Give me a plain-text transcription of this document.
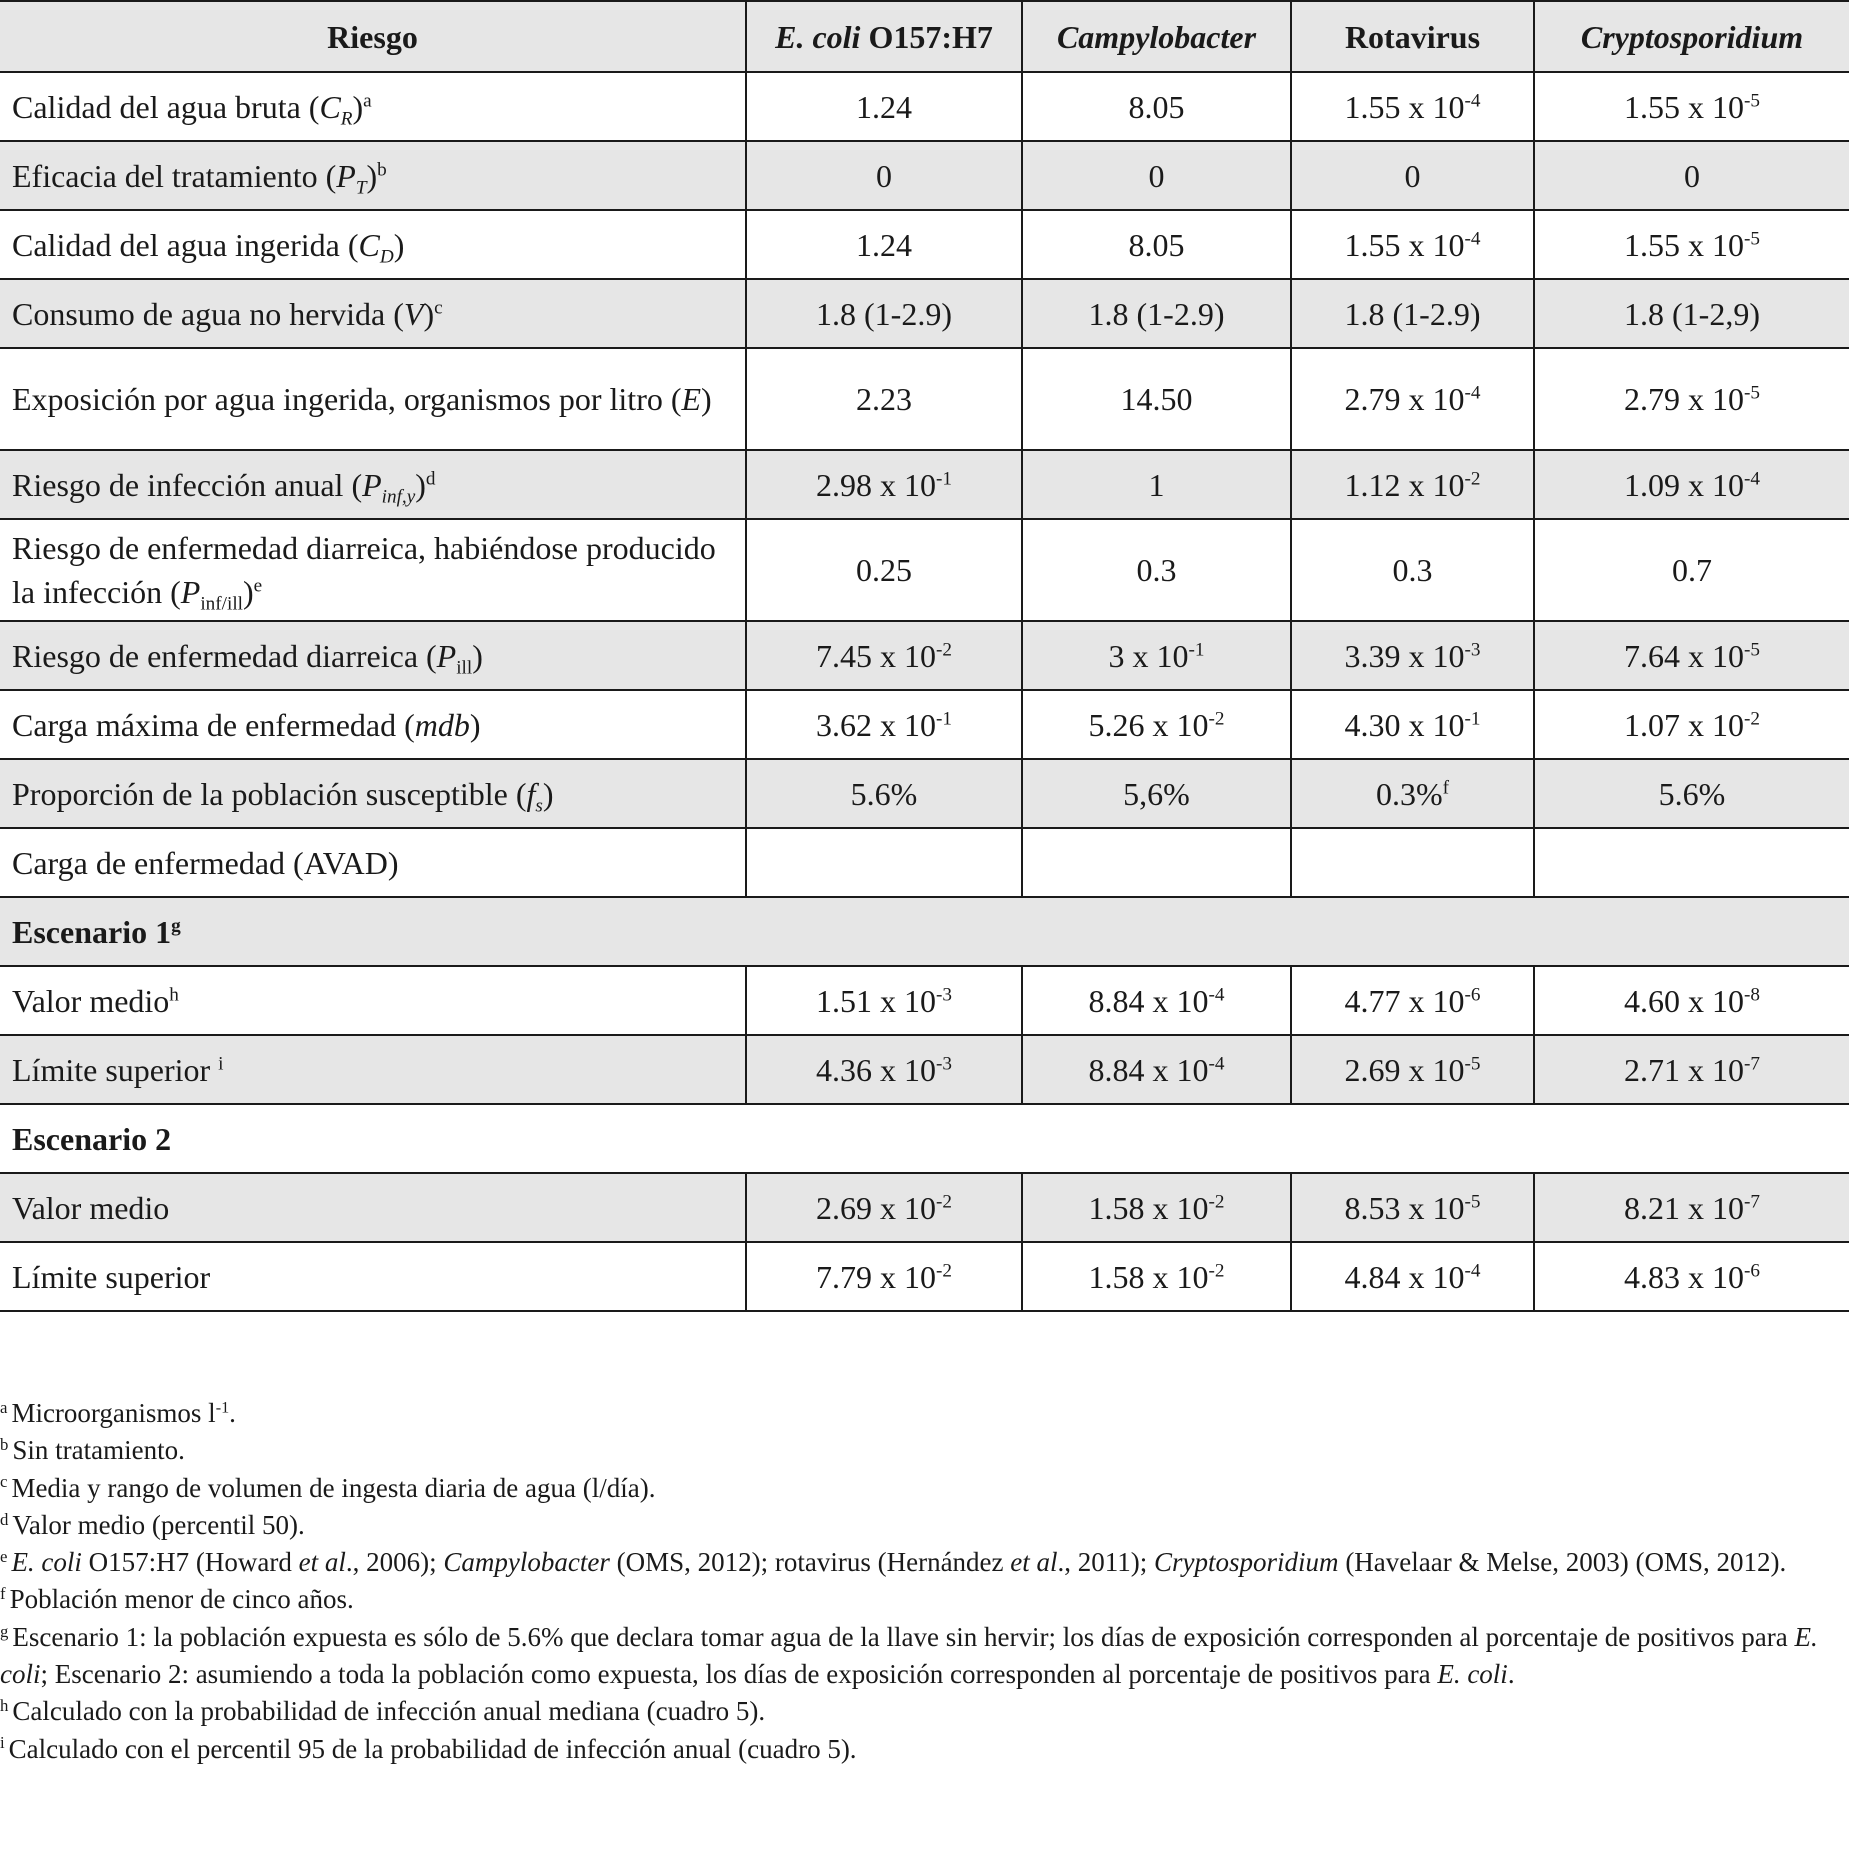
Riesgo	E. coli O157:H7	Campylobacter	Rotavirus	Cryptosporidium
Calidad del agua bruta $(C_R)^a$	1.24	8.05	1.55 x $10^{-4}$	1.55 x $10^{-5}$
Eficacia del tratamiento $(P_T)^b$	0	0	0	0
Calidad del agua ingerida $(C_D)$	1.24	8.05	1.55 x $10^{-4}$	1.55 x $10^{-5}$
Consumo de agua no hervida $(V)^c$	1.8 (1-2.9)	1.8 (1-2.9)	1.8 (1-2.9)	1.8 (1-2,9)
Exposición por agua ingerida, organismos por litro (E)	2.23	14.50	2.79 x $10^{-4}$	2.79 x $10^{-5}$
Riesgo de infección anual $(P_{inf,y})^d$	2.98 x $10^{-1}$	1	1.12 x $10^{-2}$	1.09 x $10^{-4}$
Riesgo de enfermedad diarreica, habiéndose producido la infección $(P_{inf/ill})^e$	0.25	0.3	0.3	0.7
Riesgo de enfermedad diarreica $(P_{ill})$	7.45 x $10^{-2}$	3 x $10^{-1}$	3.39 x $10^{-3}$	7.64 x $10^{-5}$
Carga máxima de enfermedad (mdb)	3.62 x $10^{-1}$	5.26 x $10^{-2}$	4.30 x $10^{-1}$	1.07 x $10^{-2}$
Proporción de la población susceptible $(f_s)$	5.6%	5,6%	0.3%$^f$	5.6%
Carga de enfermedad (AVAD)				
Escenario 1$^g$
Valor medio$^h$	1.51 x $10^{-3}$	8.84 x $10^{-4}$	4.77 x $10^{-6}$	4.60 x $10^{-8}$
Límite superior $^i$	4.36 x $10^{-3}$	8.84 x $10^{-4}$	2.69 x $10^{-5}$	2.71 x $10^{-7}$
Escenario 2				
Valor medio	2.69 x $10^{-2}$	1.58 x $10^{-2}$	8.53 x $10^{-5}$	8.21 x $10^{-7}$
Límite superior	7.79 x $10^{-2}$	1.58 x $10^{-2}$	4.84 x $10^{-4}$	4.83 x $10^{-6}$

$^a$ Microorganismos $l^{-1}$.

$^b$ Sin tratamiento.

$^c$ Media y rango de volumen de ingesta diaria de agua (l/día).

$^d$ Valor medio (percentil 50).

$^e$ E. coli O157:H7 (Howard et al., 2006); Campylobacter (OMS, 2012); rotavirus (Hernández et al., 2011); Cryptosporidium (Havelaar & Melse, 2003) (OMS, 2012).

$^f$ Población menor de cinco años.

$^g$ Escenario 1: la población expuesta es sólo de 5.6% que declara tomar agua de la llave sin hervir; los días de exposición corresponden al porcentaje de positivos para E. coli; Escenario 2: asumiendo a toda la población como expuesta, los días de exposición corresponden al porcentaje de positivos para E. coli.

$^h$ Calculado con la probabilidad de infección anual mediana (cuadro 5).

$^i$ Calculado con el percentil 95 de la probabilidad de infección anual (cuadro 5).
